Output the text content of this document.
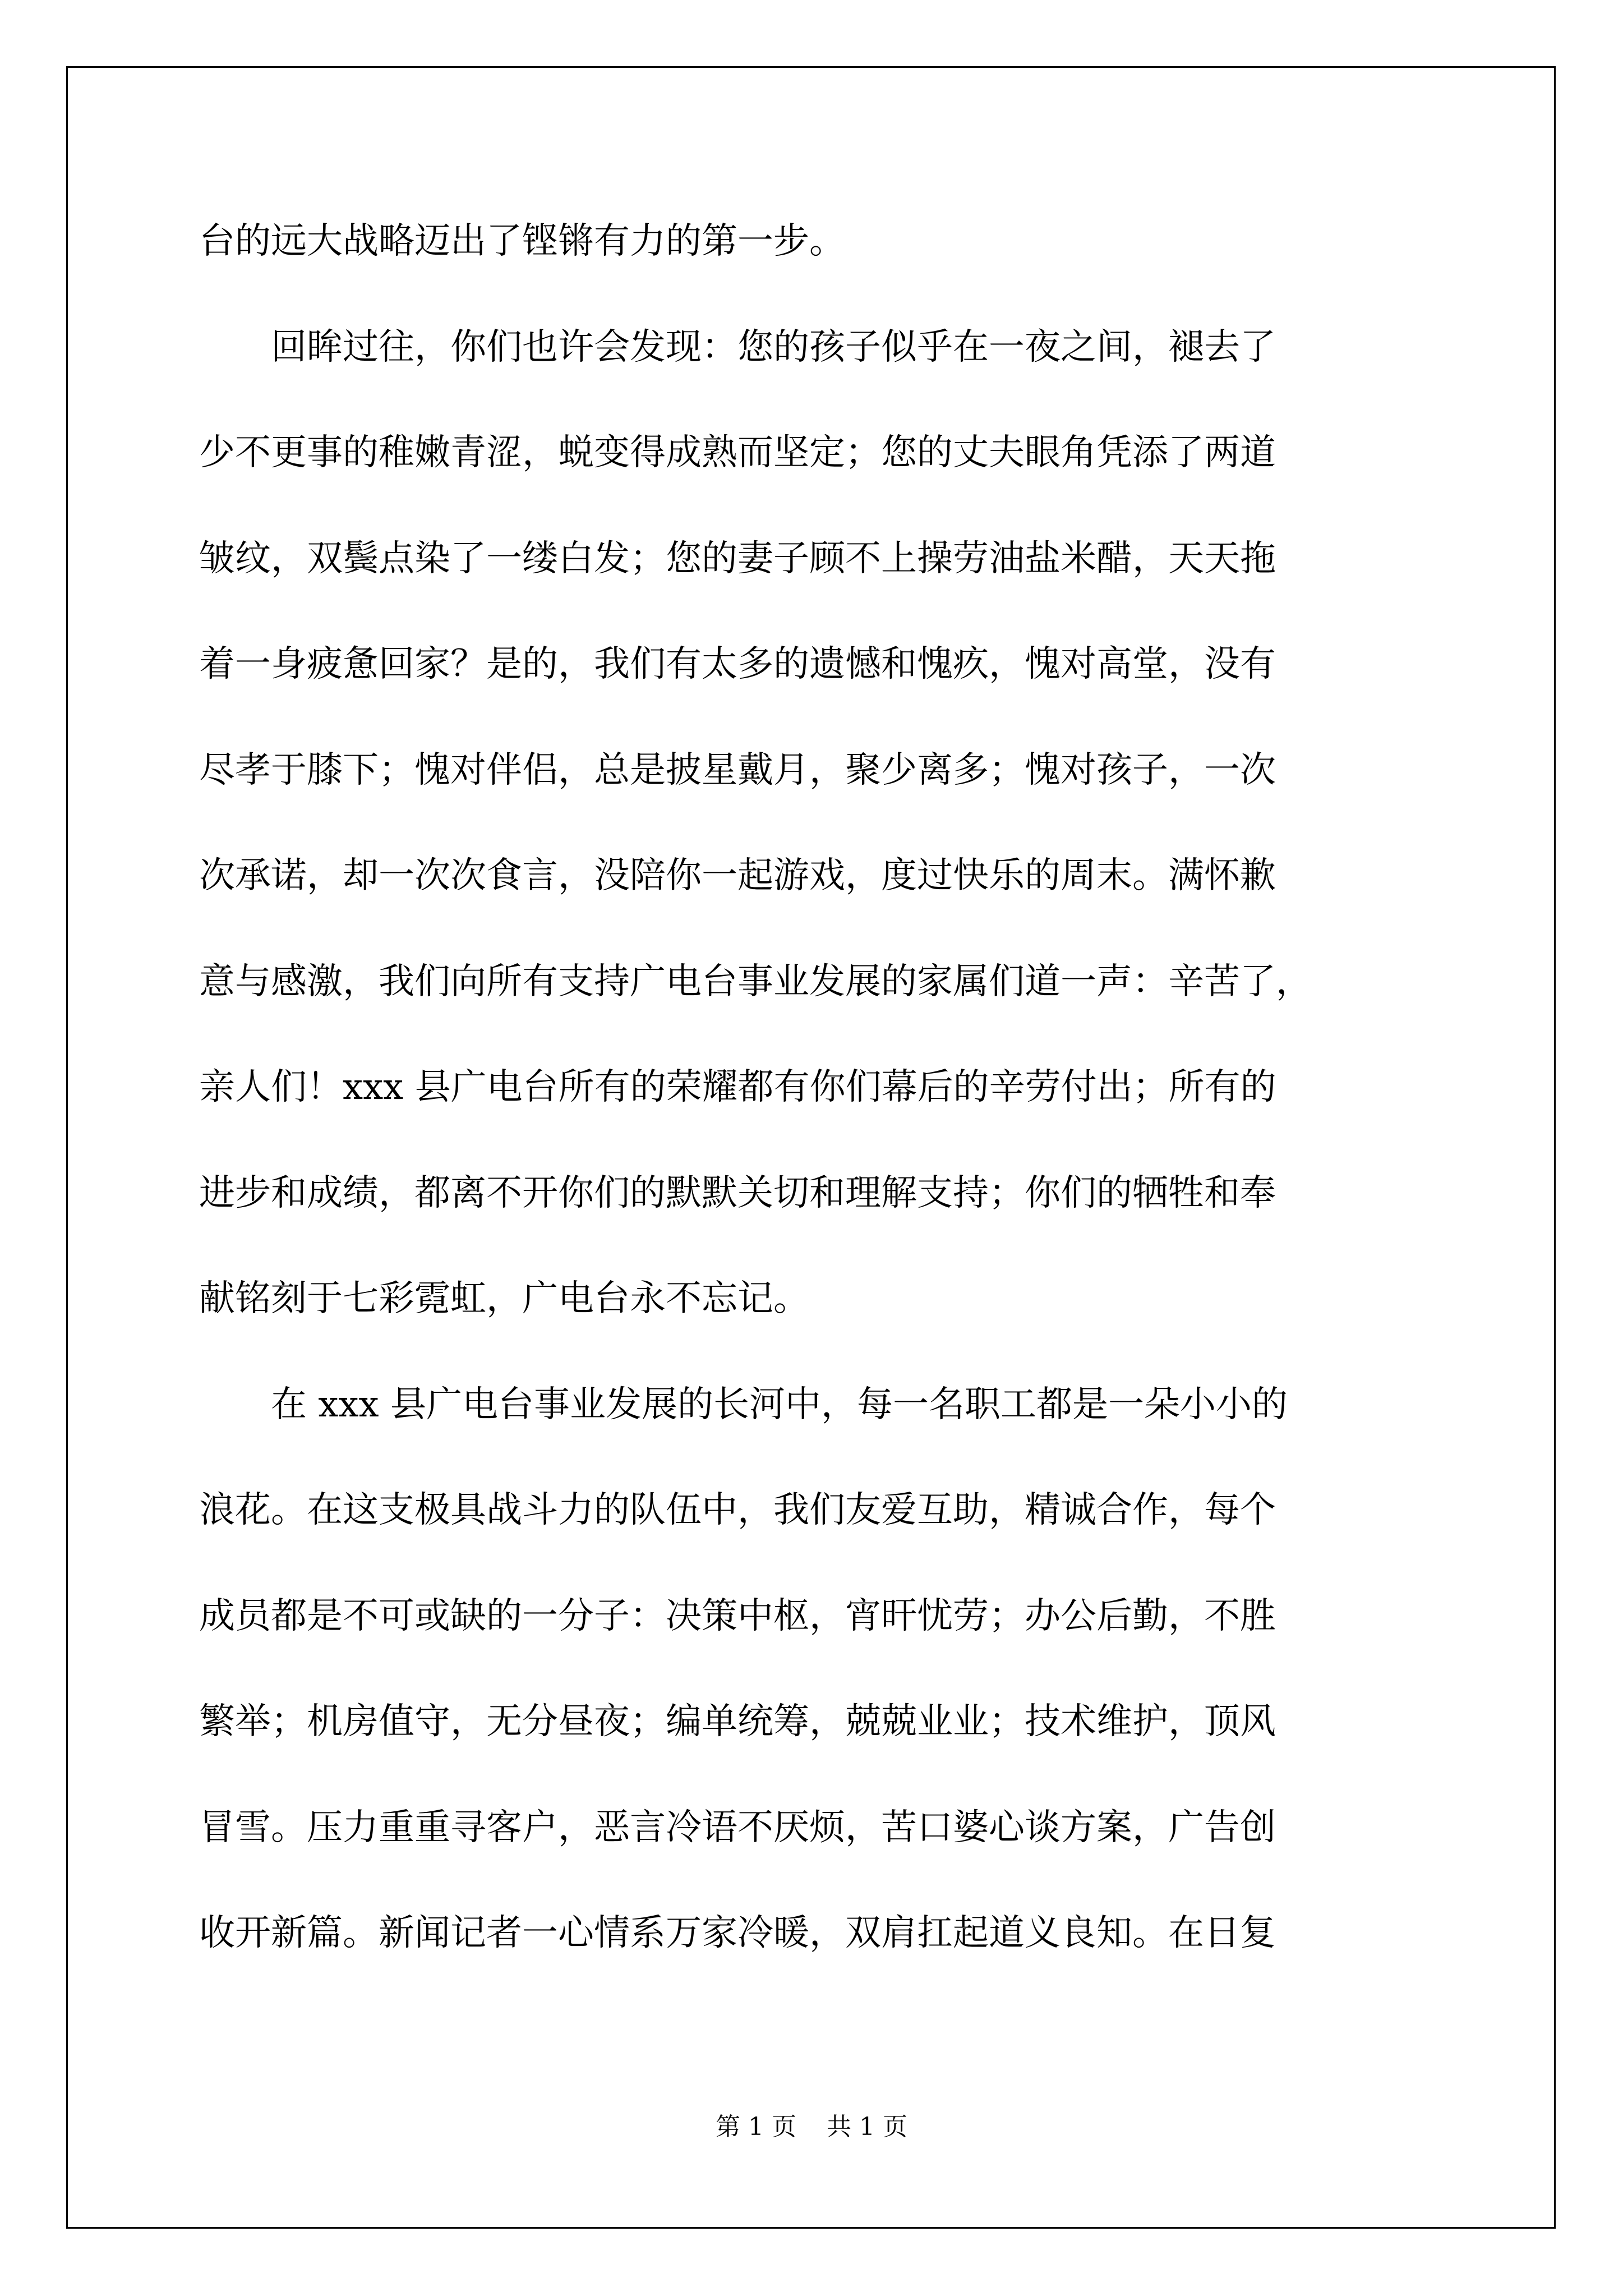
台的远大战略迈出了铿锵有力的第一步。
　　回眸过往，你们也许会发现：您的孩子似乎在一夜之间，褪去了
少不更事的稚嫩青涩，蜕变得成熟而坚定；您的丈夫眼角凭添了两道
皱纹，双鬓点染了一缕白发；您的妻子顾不上操劳油盐米醋，天天拖
着一身疲惫回家？是的，我们有太多的遗憾和愧疚，愧对高堂，没有
尽孝于膝下；愧对伴侣，总是披星戴月，聚少离多；愧对孩子，一次
次承诺，却一次次食言，没陪你一起游戏，度过快乐的周末。满怀歉
意与感激，我们向所有支持广电台事业发展的家属们道一声：辛苦了，
亲人们！xxx 县广电台所有的荣耀都有你们幕后的辛劳付出；所有的
进步和成绩，都离不开你们的默默关切和理解支持；你们的牺牲和奉
献铭刻于七彩霓虹，广电台永不忘记。
　　在 xxx 县广电台事业发展的长河中，每一名职工都是一朵小小的
浪花。在这支极具战斗力的队伍中，我们友爱互助，精诚合作，每个
成员都是不可或缺的一分子：决策中枢，宵旰忧劳；办公后勤，不胜
繁举；机房值守，无分昼夜；编单统筹，兢兢业业；技术维护，顶风
冒雪。压力重重寻客户，恶言冷语不厌烦，苦口婆心谈方案，广告创
收开新篇。新闻记者一心情系万家冷暖，双肩扛起道义良知。在日复
第 1 页 共 1 页
